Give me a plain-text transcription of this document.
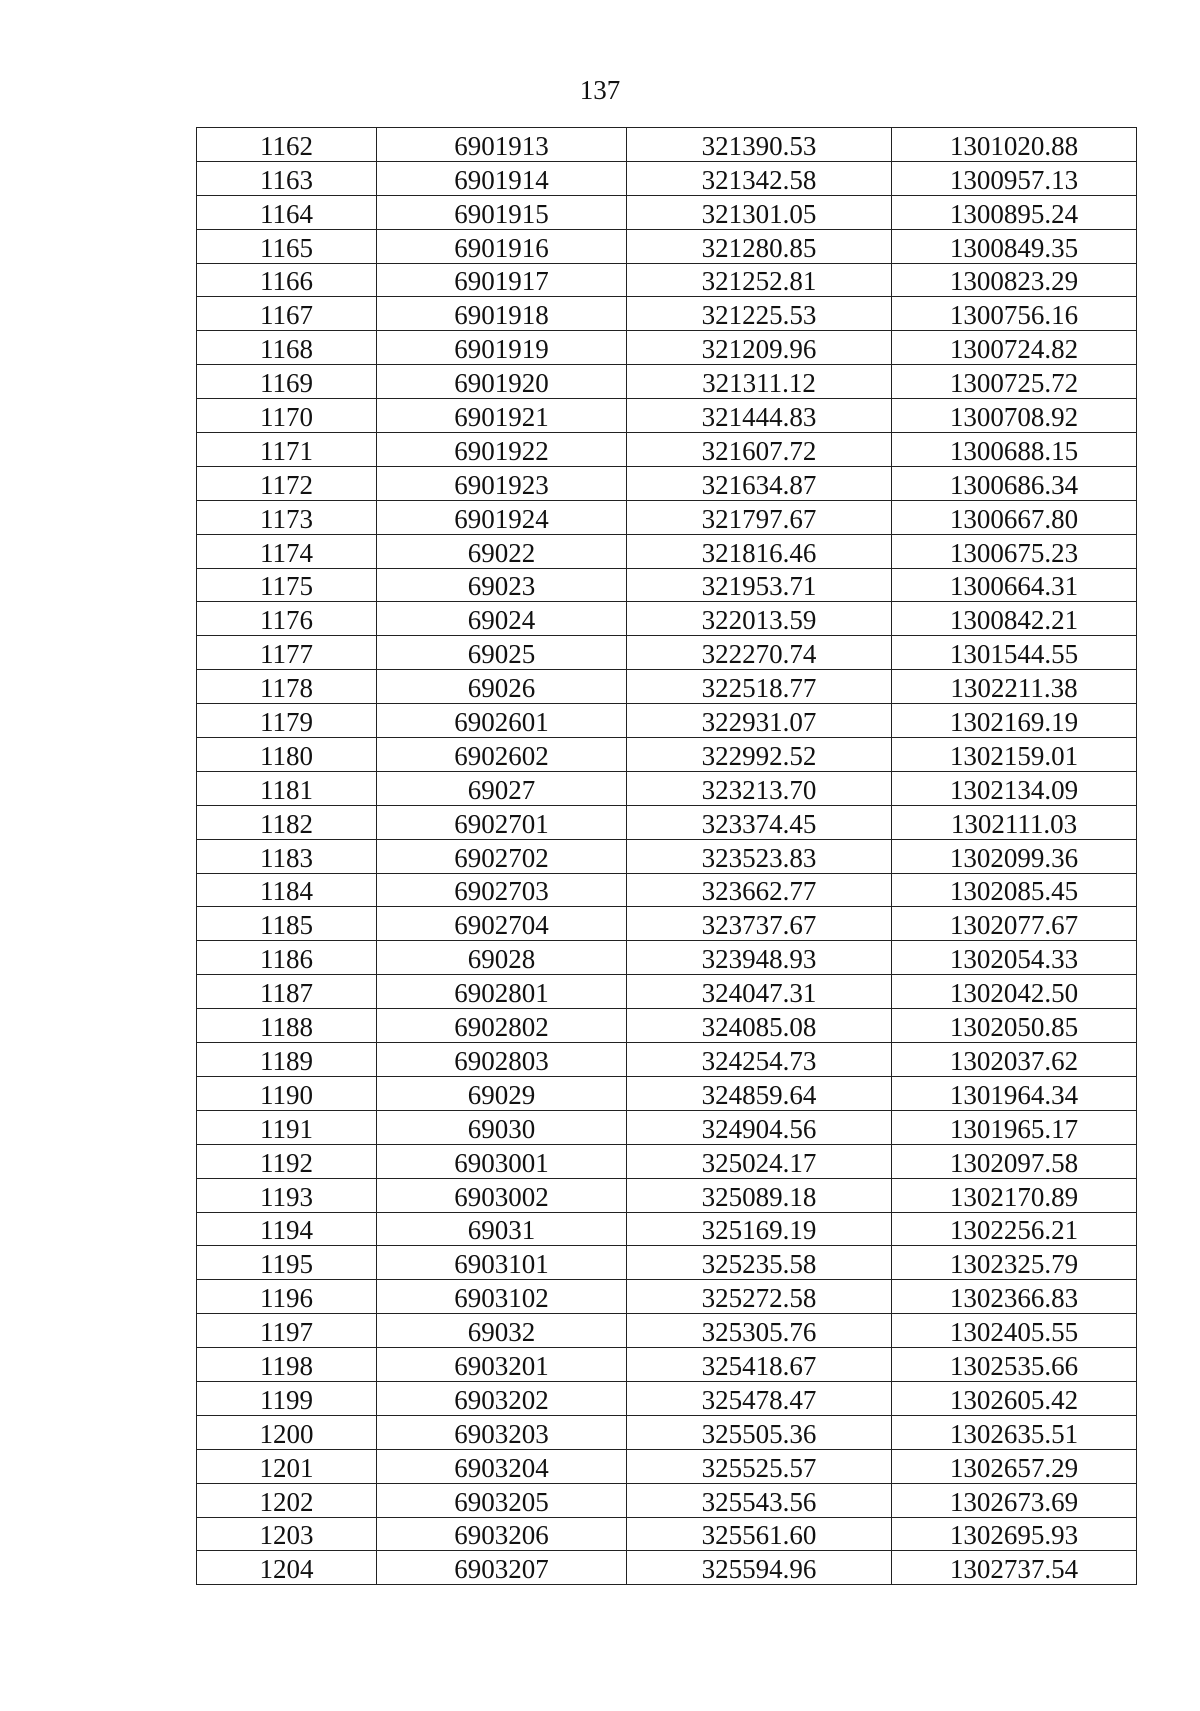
137
1162	6901913	321390.53	1301020.88
1163	6901914	321342.58	1300957.13
1164	6901915	321301.05	1300895.24
1165	6901916	321280.85	1300849.35
1166	6901917	321252.81	1300823.29
1167	6901918	321225.53	1300756.16
1168	6901919	321209.96	1300724.82
1169	6901920	321311.12	1300725.72
1170	6901921	321444.83	1300708.92
1171	6901922	321607.72	1300688.15
1172	6901923	321634.87	1300686.34
1173	6901924	321797.67	1300667.80
1174	69022	321816.46	1300675.23
1175	69023	321953.71	1300664.31
1176	69024	322013.59	1300842.21
1177	69025	322270.74	1301544.55
1178	69026	322518.77	1302211.38
1179	6902601	322931.07	1302169.19
1180	6902602	322992.52	1302159.01
1181	69027	323213.70	1302134.09
1182	6902701	323374.45	1302111.03
1183	6902702	323523.83	1302099.36
1184	6902703	323662.77	1302085.45
1185	6902704	323737.67	1302077.67
1186	69028	323948.93	1302054.33
1187	6902801	324047.31	1302042.50
1188	6902802	324085.08	1302050.85
1189	6902803	324254.73	1302037.62
1190	69029	324859.64	1301964.34
1191	69030	324904.56	1301965.17
1192	6903001	325024.17	1302097.58
1193	6903002	325089.18	1302170.89
1194	69031	325169.19	1302256.21
1195	6903101	325235.58	1302325.79
1196	6903102	325272.58	1302366.83
1197	69032	325305.76	1302405.55
1198	6903201	325418.67	1302535.66
1199	6903202	325478.47	1302605.42
1200	6903203	325505.36	1302635.51
1201	6903204	325525.57	1302657.29
1202	6903205	325543.56	1302673.69
1203	6903206	325561.60	1302695.93
1204	6903207	325594.96	1302737.54
